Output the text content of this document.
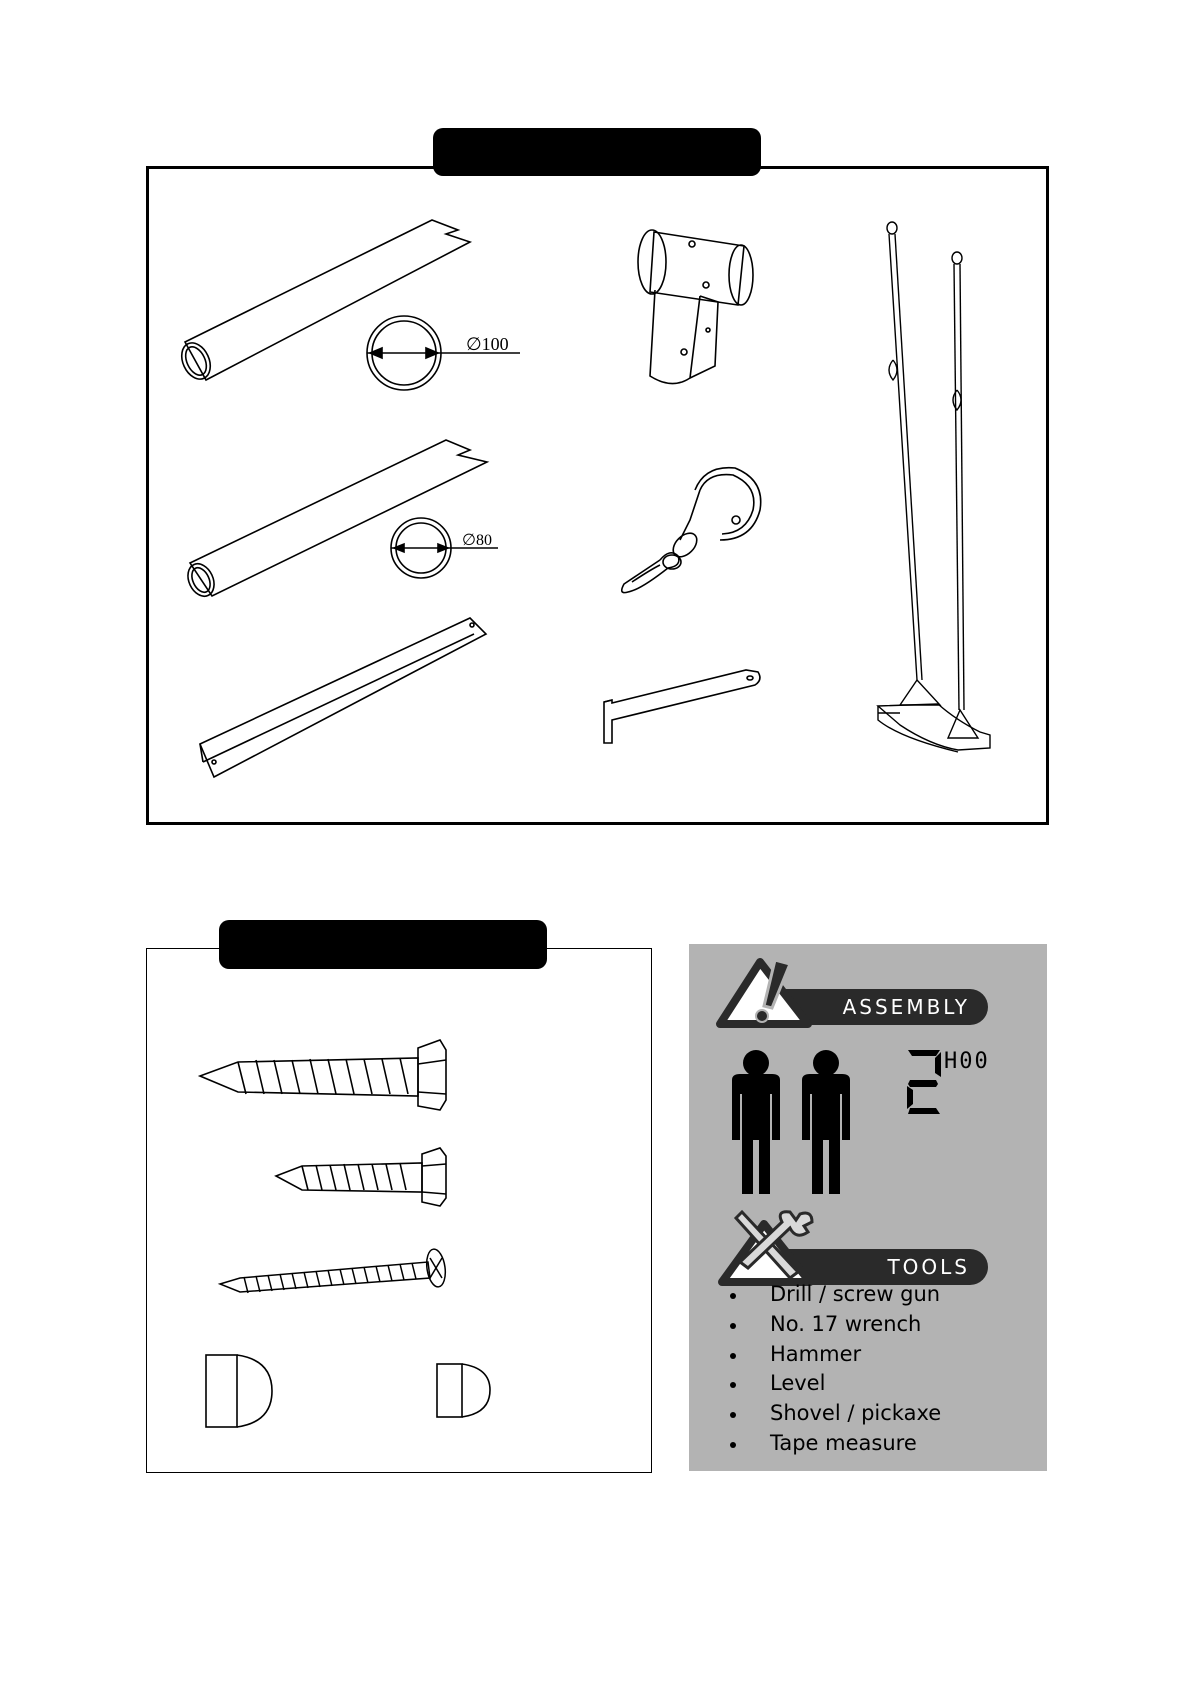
∅100
∅80
ASSEMBLY
H00
TOOLS
Drill / screw gun
No. 17 wrench
Hammer
Level
Shovel / pickaxe
Tape measure
